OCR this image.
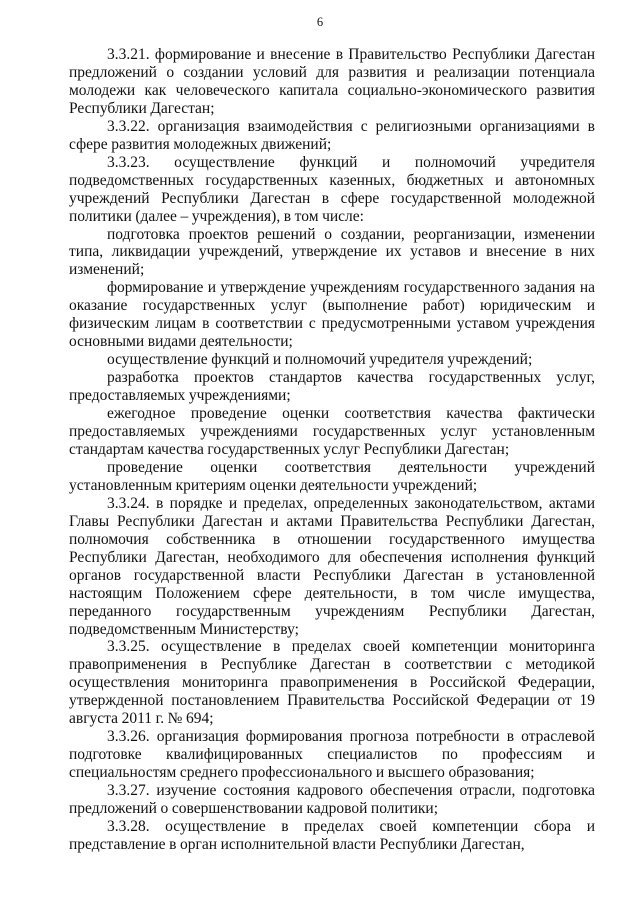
6

3.3.21. формирование и внесение в Правительство Республики Дагестан предложений о создании условий для развития и реализации потенциала молодежи как человеческого капитала социально-экономического развития Республики Дагестан;

3.3.22. организация взаимодействия с религиозными организациями в сфере развития молодежных движений;

3.3.23. осуществление функций и полномочий учредителя подведомственных государственных казенных, бюджетных и автономных учреждений Республики Дагестан в сфере государственной молодежной политики (далее – учреждения), в том числе:

подготовка проектов решений о создании, реорганизации, изменении типа, ликвидации учреждений, утверждение их уставов и внесение в них изменений;

формирование и утверждение учреждениям государственного задания на оказание государственных услуг (выполнение работ) юридическим и физическим лицам в соответствии с предусмотренными уставом учреждения основными видами деятельности;

осуществление функций и полномочий учредителя учреждений;

разработка проектов стандартов качества государственных услуг, предоставляемых учреждениями;

ежегодное проведение оценки соответствия качества фактически предоставляемых учреждениями государственных услуг установленным стандартам качества государственных услуг Республики Дагестан;

проведение оценки соответствия деятельности учреждений установленным критериям оценки деятельности учреждений;

3.3.24. в порядке и пределах, определенных законодательством, актами Главы Республики Дагестан и актами Правительства Республики Дагестан, полномочия собственника в отношении государственного имущества Республики Дагестан, необходимого для обеспечения исполнения функций органов государственной власти Республики Дагестан в установленной настоящим Положением сфере деятельности, в том числе имущества, переданного государственным учреждениям Республики Дагестан, подведомственным Министерству;

3.3.25. осуществление в пределах своей компетенции мониторинга правоприменения в Республике Дагестан в соответствии с методикой осуществления мониторинга правоприменения в Российской Федерации, утвержденной постановлением Правительства Российской Федерации от 19 августа 2011 г. № 694;

3.3.26. организация формирования прогноза потребности в отраслевой подготовке квалифицированных специалистов по профессиям и специальностям среднего профессионального и высшего образования;

3.3.27. изучение состояния кадрового обеспечения отрасли, подготовка предложений о совершенствовании кадровой политики;

3.3.28. осуществление в пределах своей компетенции сбора и представление в орган исполнительной власти Республики Дагестан,
